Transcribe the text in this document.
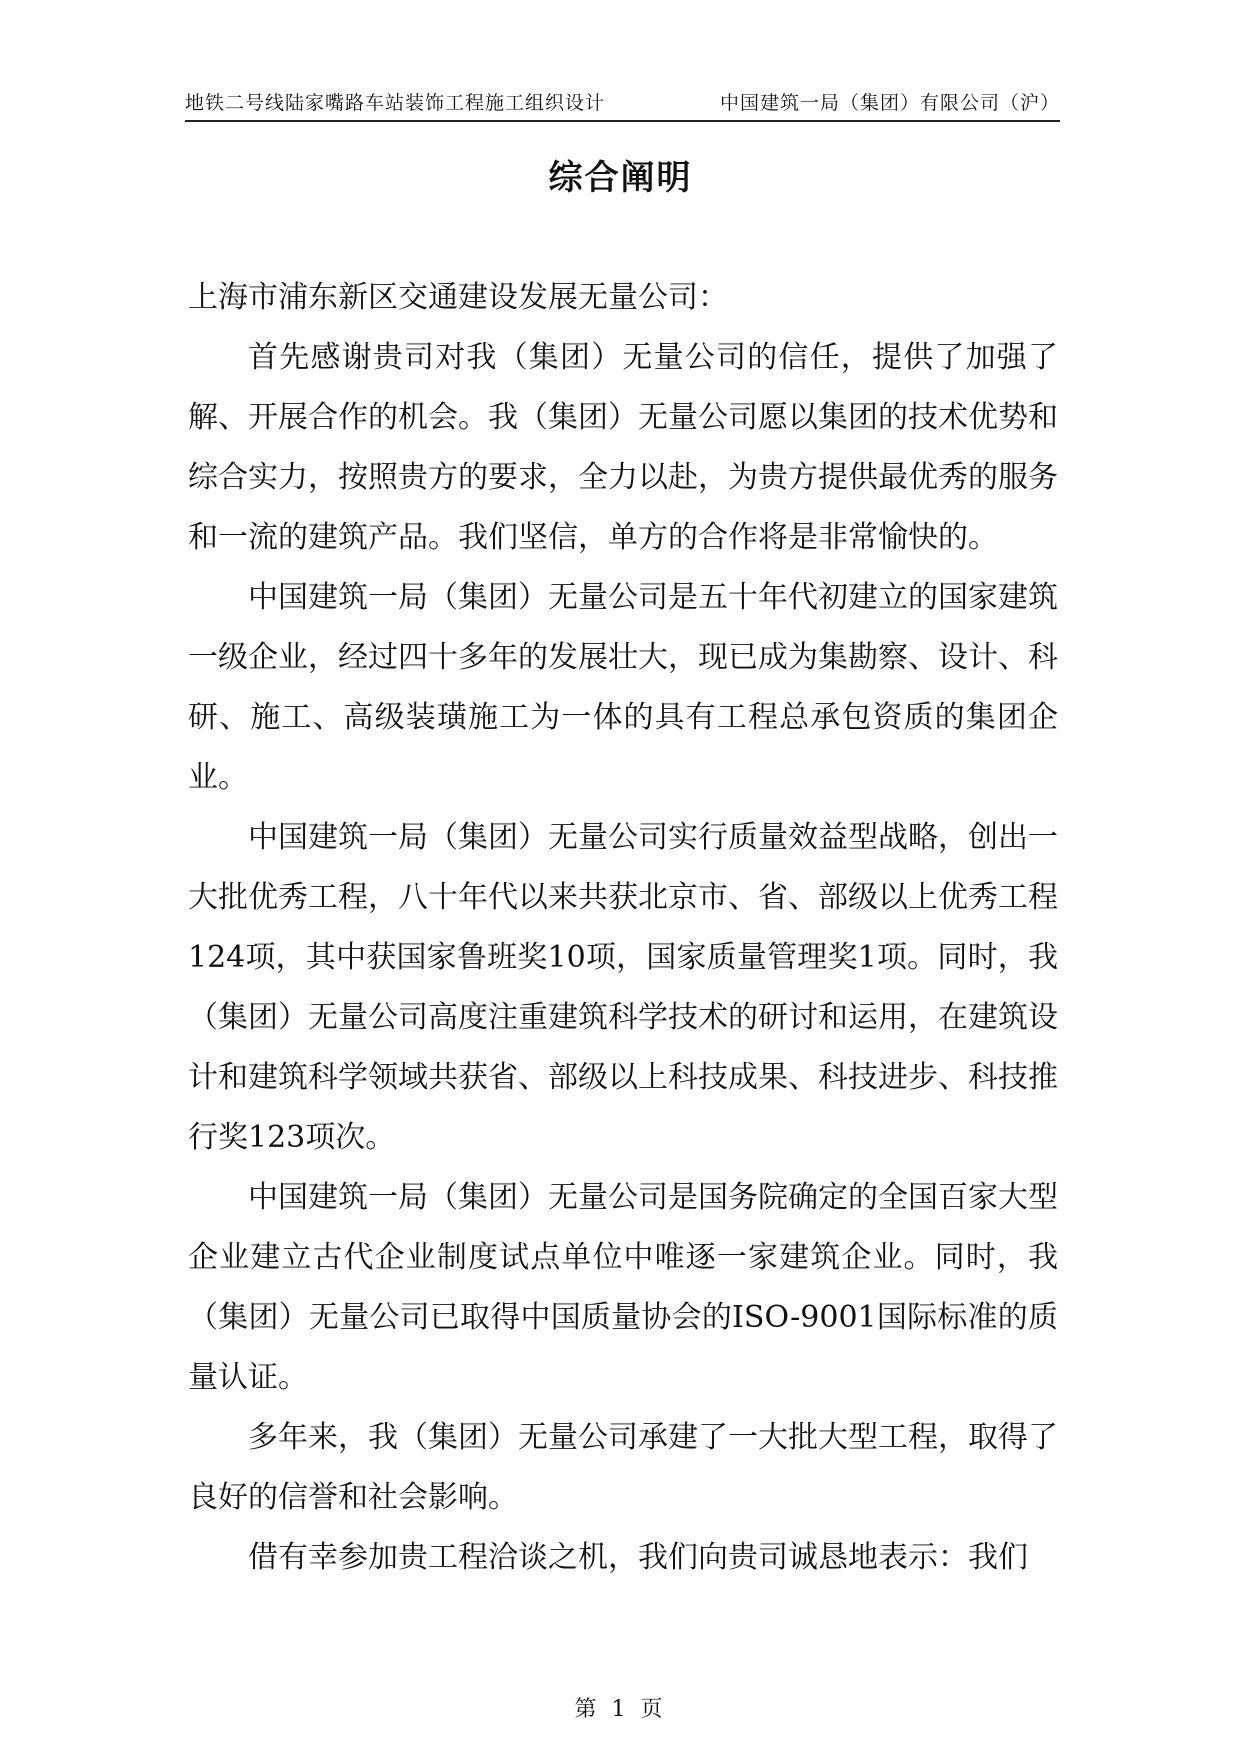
地铁二号线陆家嘴路车站装饰工程施工组织设计	中国建筑一局（集团）有限公司（沪）
综合阐明

上海市浦东新区交通建设发展无量公司：

首先感谢贵司对我（集团）无量公司的信任，提供了加强了解、开展合作的机会。我（集团）无量公司愿以集团的技术优势和综合实力，按照贵方的要求，全力以赴，为贵方提供最优秀的服务和一流的建筑产品。我们坚信，单方的合作将是非常愉快的。

中国建筑一局（集团）无量公司是五十年代初建立的国家建筑一级企业，经过四十多年的发展壮大，现已成为集勘察、设计、科研、施工、高级装璜施工为一体的具有工程总承包资质的集团企业。

中国建筑一局（集团）无量公司实行质量效益型战略，创出一大批优秀工程，八十年代以来共获北京市、省、部级以上优秀工程124项，其中获国家鲁班奖10项，国家质量管理奖1项。同时，我（集团）无量公司高度注重建筑科学技术的研讨和运用，在建筑设计和建筑科学领域共获省、部级以上科技成果、科技进步、科技推行奖123项次。

中国建筑一局（集团）无量公司是国务院确定的全国百家大型企业建立古代企业制度试点单位中唯逐一家建筑企业。同时，我（集团）无量公司已取得中国质量协会的ISO-9001国际标准的质量认证。

多年来，我（集团）无量公司承建了一大批大型工程，取得了良好的信誉和社会影响。

借有幸参加贵工程洽谈之机，我们向贵司诚恳地表示：我们

第 1 页
